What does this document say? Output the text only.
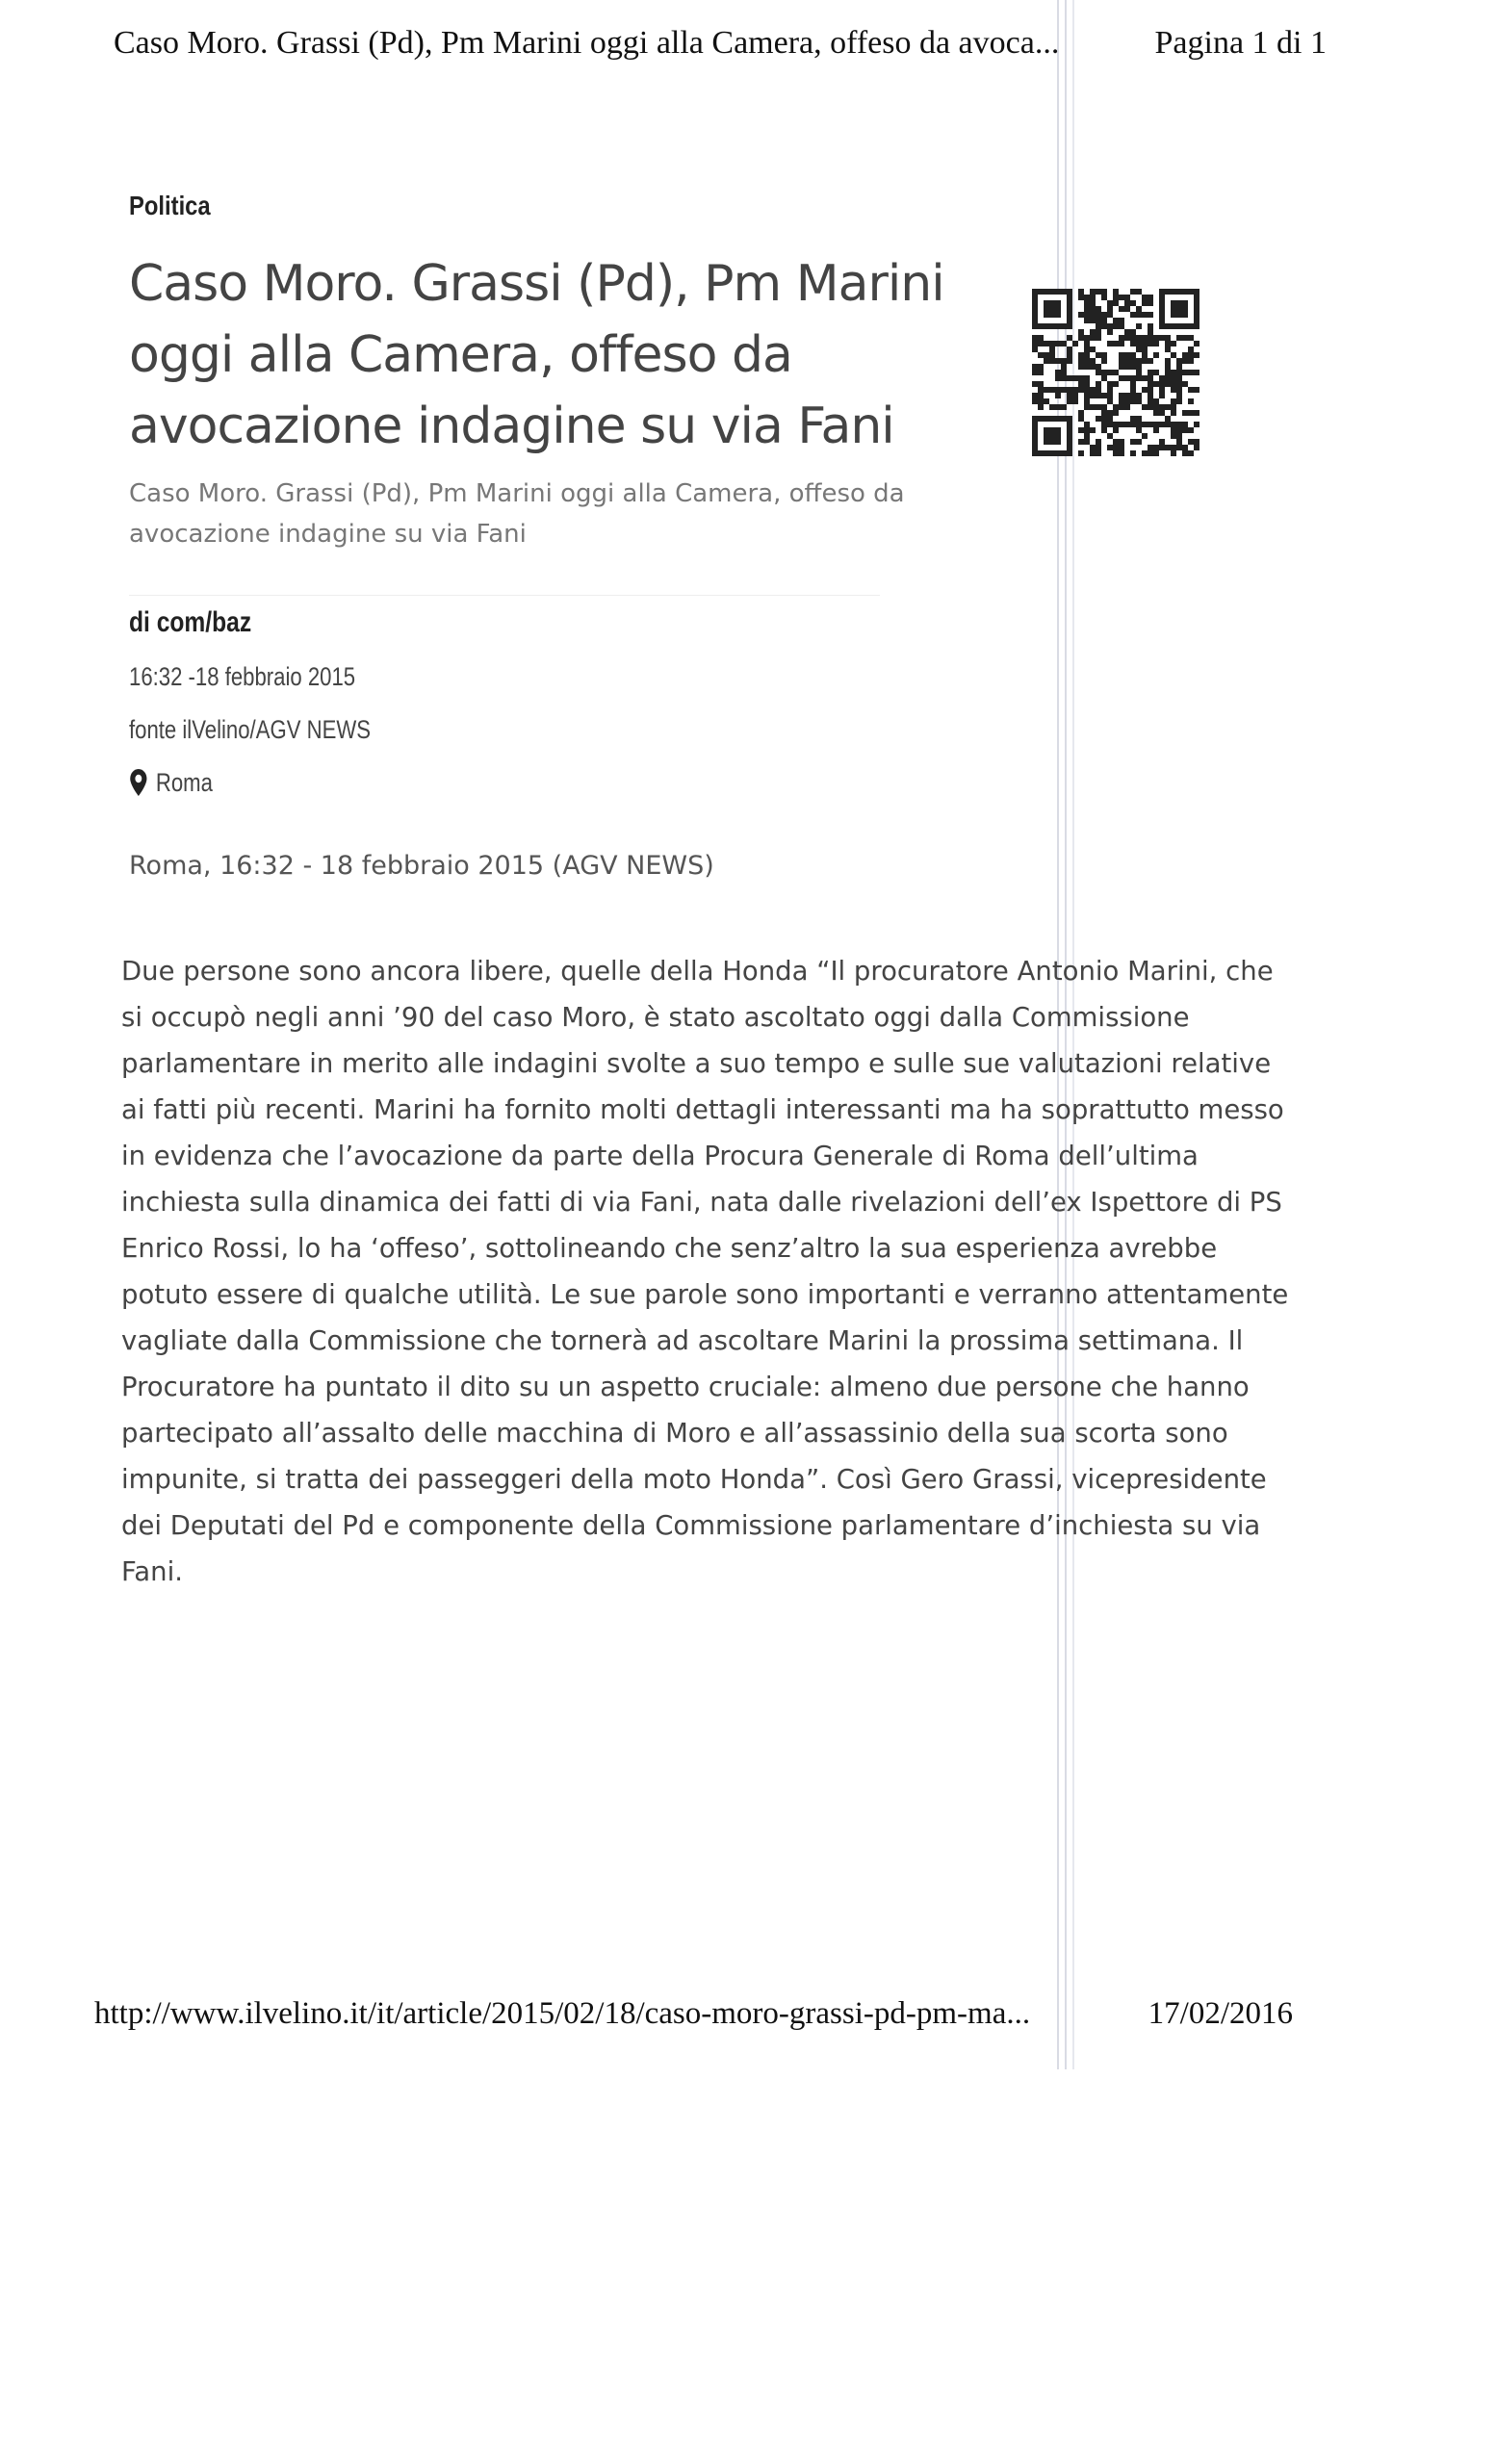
Caso Moro. Grassi (Pd), Pm Marini oggi alla Camera, offeso da avoca...	Pagina 1 di 1
Politica
Caso Moro. Grassi (Pd), Pm Marini oggi alla Camera, offeso da avocazione indagine su via Fani
Caso Moro. Grassi (Pd), Pm Marini oggi alla Camera, offeso da avocazione indagine su via Fani
di com/baz
16:32 -18 febbraio 2015
fonte ilVelino/AGV NEWS
Roma
Roma, 16:32 - 18 febbraio 2015 (AGV NEWS)

Due persone sono ancora libere, quelle della Honda “Il procuratore Antonio Marini, che si occupò negli anni ’90 del caso Moro, è stato ascoltato oggi dalla Commissione parlamentare in merito alle indagini svolte a suo tempo e sulle sue valutazioni relative ai fatti più recenti. Marini ha fornito molti dettagli interessanti ma ha soprattutto messo in evidenza che l’avocazione da parte della Procura Generale di Roma dell’ultima inchiesta sulla dinamica dei fatti di via Fani, nata dalle rivelazioni dell’ex Ispettore di PS Enrico Rossi, lo ha ‘offeso’, sottolineando che senz’altro la sua esperienza avrebbe potuto essere di qualche utilità. Le sue parole sono importanti e verranno attentamente vagliate dalla Commissione che tornerà ad ascoltare Marini la prossima settimana. Il Procuratore ha puntato il dito su un aspetto cruciale: almeno due persone che hanno partecipato all’assalto delle macchina di Moro e all’assassinio della sua scorta sono impunite, si tratta dei passeggeri della moto Honda”. Così Gero Grassi, vicepresidente dei Deputati del Pd e componente della Commissione parlamentare d’inchiesta su via Fani.

http://www.ilvelino.it/it/article/2015/02/18/caso-moro-grassi-pd-pm-ma...	17/02/2016
